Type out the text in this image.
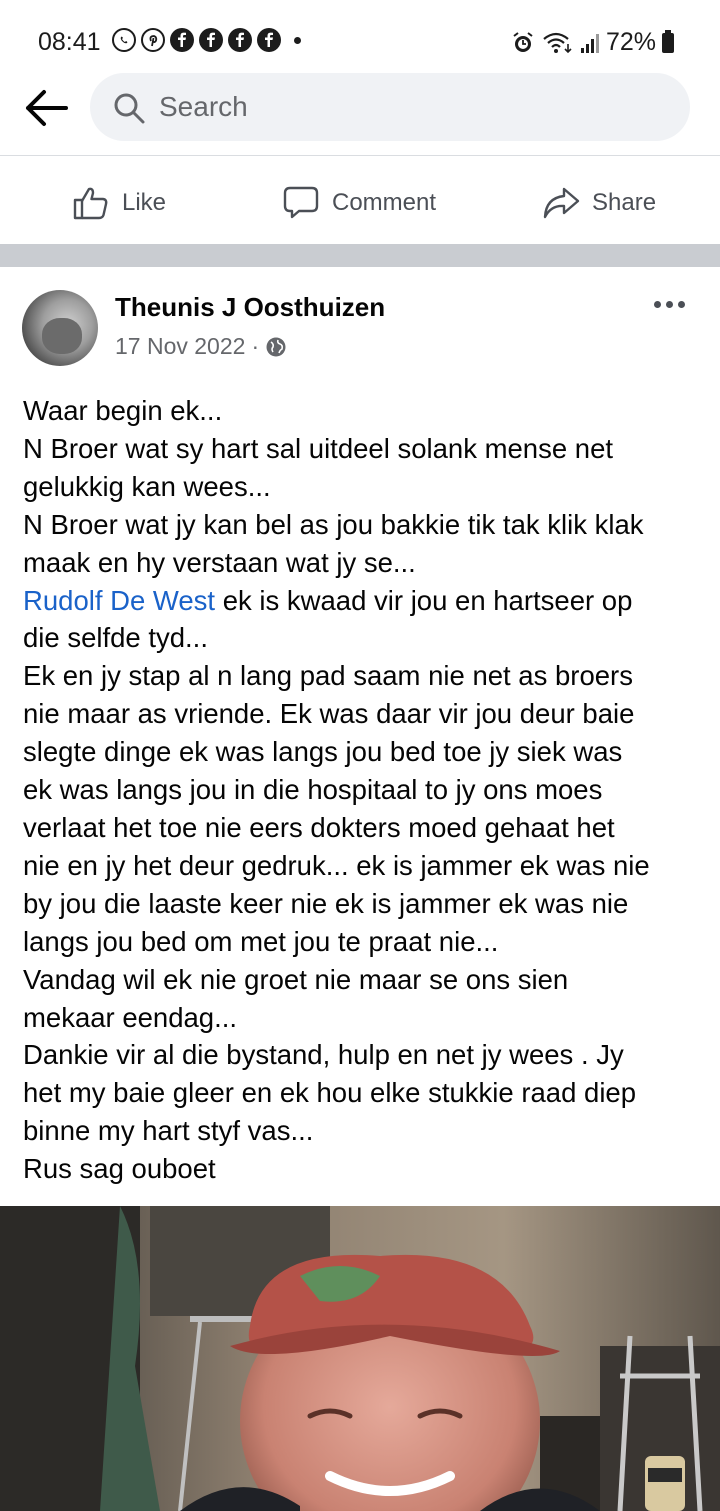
08:41	72%
Search
Like	Comment	Share
Theunis J Oosthuizen
17 Nov 2022 ·
Waar begin ek...
N Broer wat sy hart sal uitdeel solank mense net
gelukkig kan wees...
N Broer wat jy kan bel as jou bakkie tik tak klik klak
maak en hy verstaan wat jy se...
Rudolf De West ek is kwaad vir jou en hartseer op
die selfde tyd...
Ek en jy stap al n lang pad saam nie net as broers
nie maar as vriende. Ek was daar vir jou deur baie
slegte dinge ek was langs jou bed toe jy siek was
ek was langs jou in die hospitaal to jy ons moes
verlaat het toe nie eers dokters moed gehaat het
nie en jy het deur gedruk... ek is jammer ek was nie
by jou die laaste keer nie ek is jammer ek was nie
langs jou bed om met jou te praat nie...
Vandag wil ek nie groet nie maar se ons sien
mekaar eendag...
Dankie vir al die bystand, hulp en net jy wees . Jy
het my baie gleer en ek hou elke stukkie raad diep
binne my hart styf vas...
Rus sag ouboet
